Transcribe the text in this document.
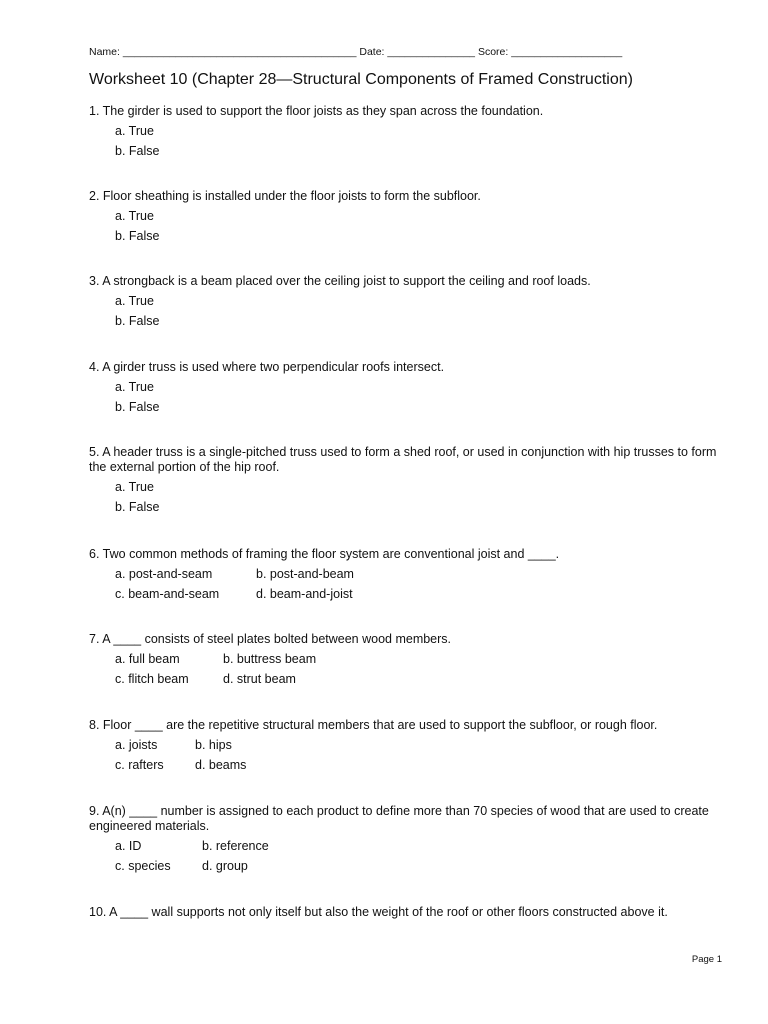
Name: ________________________________________ Date: _______________ Score: ___________________
Worksheet 10 (Chapter 28—Structural Components of Framed Construction)
1. The girder is used to support the floor joists as they span across the foundation.
a. True
b. False
2. Floor sheathing is installed under the floor joists to form the subfloor.
a. True
b. False
3. A strongback is a beam placed over the ceiling joist to support the ceiling and roof loads.
a. True
b. False
4. A girder truss is used where two perpendicular roofs intersect.
a. True
b. False
5. A header truss is a single-pitched truss used to form a shed roof, or used in conjunction with hip trusses to form the external portion of the hip roof.
a. True
b. False
6. Two common methods of framing the floor system are conventional joist and ____.
a. post-and-seam	b. post-and-beam
c. beam-and-seam	d. beam-and-joist
7. A ____ consists of steel plates bolted between wood members.
a. full beam	b. buttress beam
c. flitch beam	d. strut beam
8. Floor ____ are the repetitive structural members that are used to support the subfloor, or rough floor.
a. joists	b. hips
c. rafters	d. beams
9. A(n) ____ number is assigned to each product to define more than 70 species of wood that are used to create engineered materials.
a. ID	b. reference
c. species	d. group
10. A ____ wall supports not only itself but also the weight of the roof or other floors constructed above it.
Page 1
